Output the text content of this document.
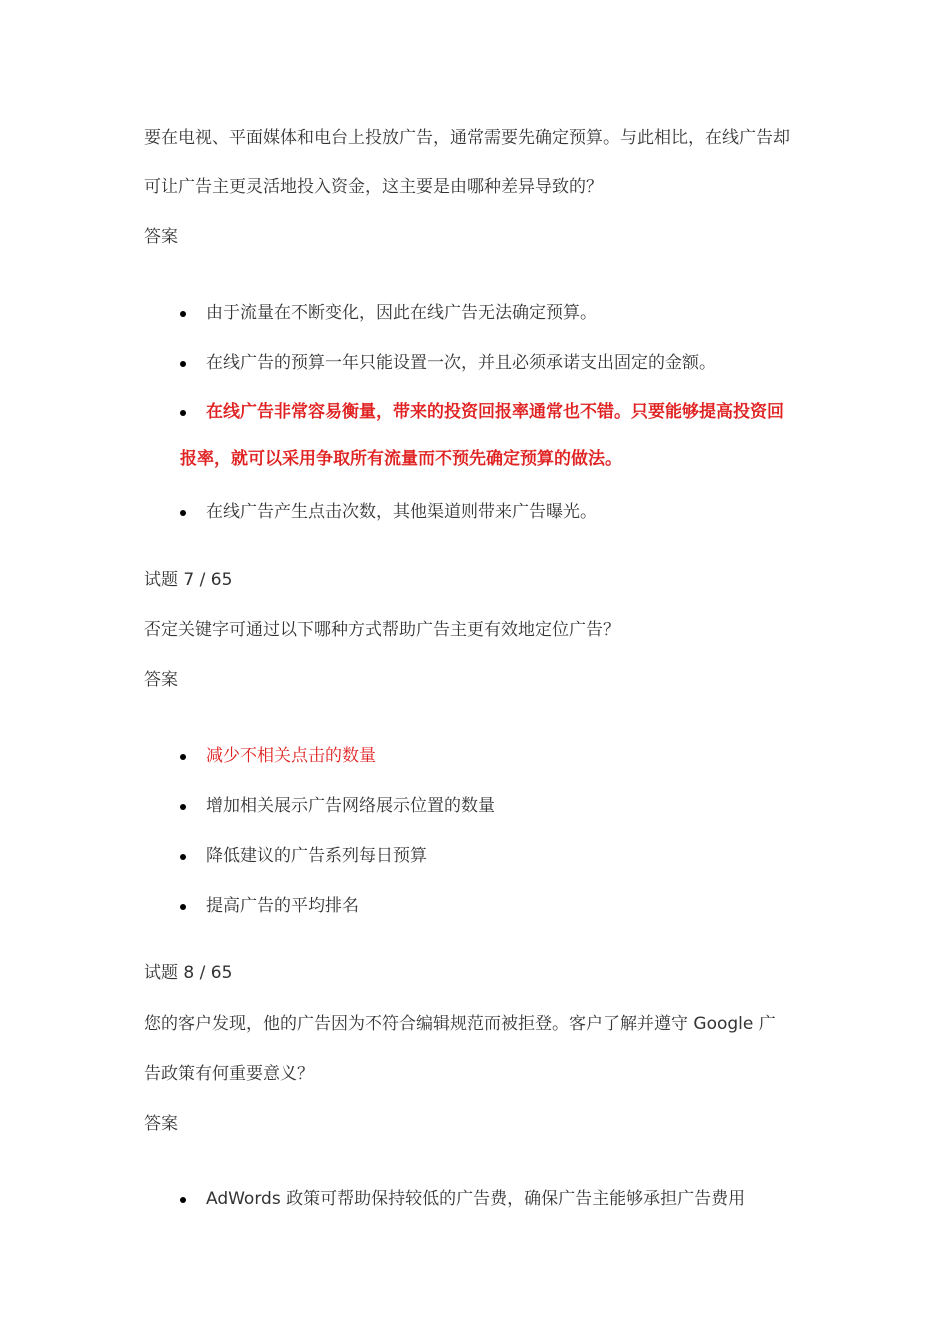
要在电视、平面媒体和电台上投放广告，通常需要先确定预算。与此相比，在线广告却
可让广告主更灵活地投入资金，这主要是由哪种差异导致的？
答案
由于流量在不断变化，因此在线广告无法确定预算。
在线广告的预算一年只能设置一次，并且必须承诺支出固定的金额。
在线广告非常容易衡量，带来的投资回报率通常也不错。只要能够提高投资回
报率，就可以采用争取所有流量而不预先确定预算的做法。
在线广告产生点击次数，其他渠道则带来广告曝光。
试题 7 / 65
否定关键字可通过以下哪种方式帮助广告主更有效地定位广告？
答案
减少不相关点击的数量
增加相关展示广告网络展示位置的数量
降低建议的广告系列每日预算
提高广告的平均排名
试题 8 / 65
您的客户发现，他的广告因为不符合编辑规范而被拒登。客户了解并遵守 Google 广
告政策有何重要意义？
答案
AdWords 政策可帮助保持较低的广告费，确保广告主能够承担广告费用
